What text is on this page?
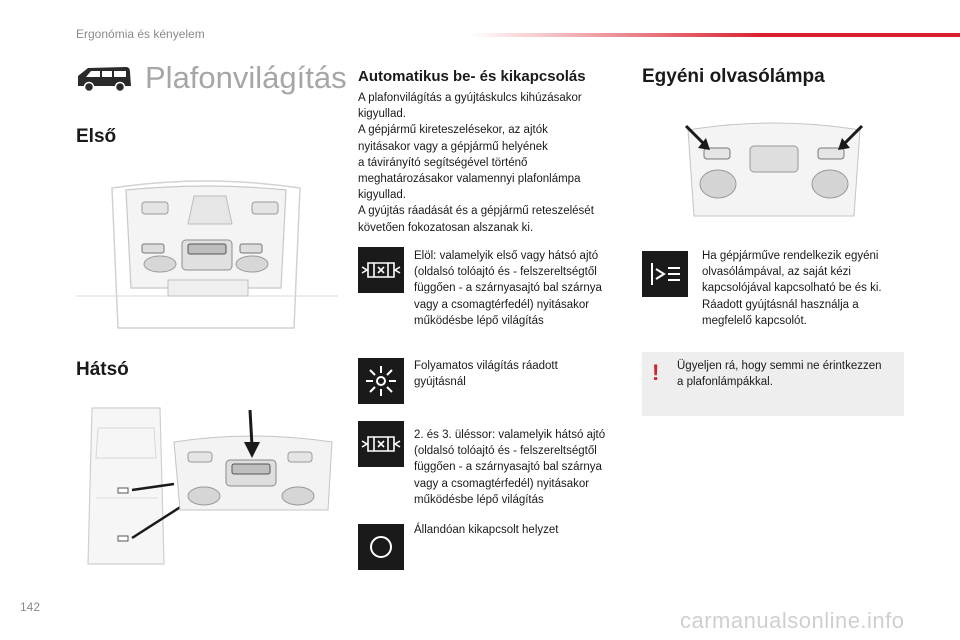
Ergonómia és kényelem
Plafonvilágítás
Első
Hátsó
Automatikus be- és kikapcsolás
A plafonvilágítás a gyújtáskulcs kihúzásakor
kigyullad.
A gépjármű kireteszelésekor, az ajtók
nyitásakor vagy a gépjármű helyének
a távirányító segítségével történő
meghatározásakor valamennyi plafonlámpa
kigyullad.
A gyújtás ráadását és a gépjármű reteszelését
követően fokozatosan alszanak ki.
Elöl: valamelyik első vagy hátsó ajtó
(oldalsó tolóajtó és - felszereltségtől
függően - a szárnyasajtó bal szárnya
vagy a csomagtérfedél) nyitásakor
működésbe lépő világítás
Folyamatos világítás ráadott
gyújtásnál
2. és 3. üléssor: valamelyik hátsó ajtó
(oldalsó tolóajtó és - felszereltségtől
függően - a szárnyasajtó bal szárnya
vagy a csomagtérfedél) nyitásakor
működésbe lépő világítás
Állandóan kikapcsolt helyzet
Egyéni olvasólámpa
Ha gépjárműve rendelkezik egyéni
olvasólámpával, az saját kézi
kapcsolójával kapcsolható be és ki.
Ráadott gyújtásnál használja a
megfelelő kapcsolót.
! Ügyeljen rá, hogy semmi ne érintkezzen
a plafonlámpákkal.
142
carmanualsonline.info
